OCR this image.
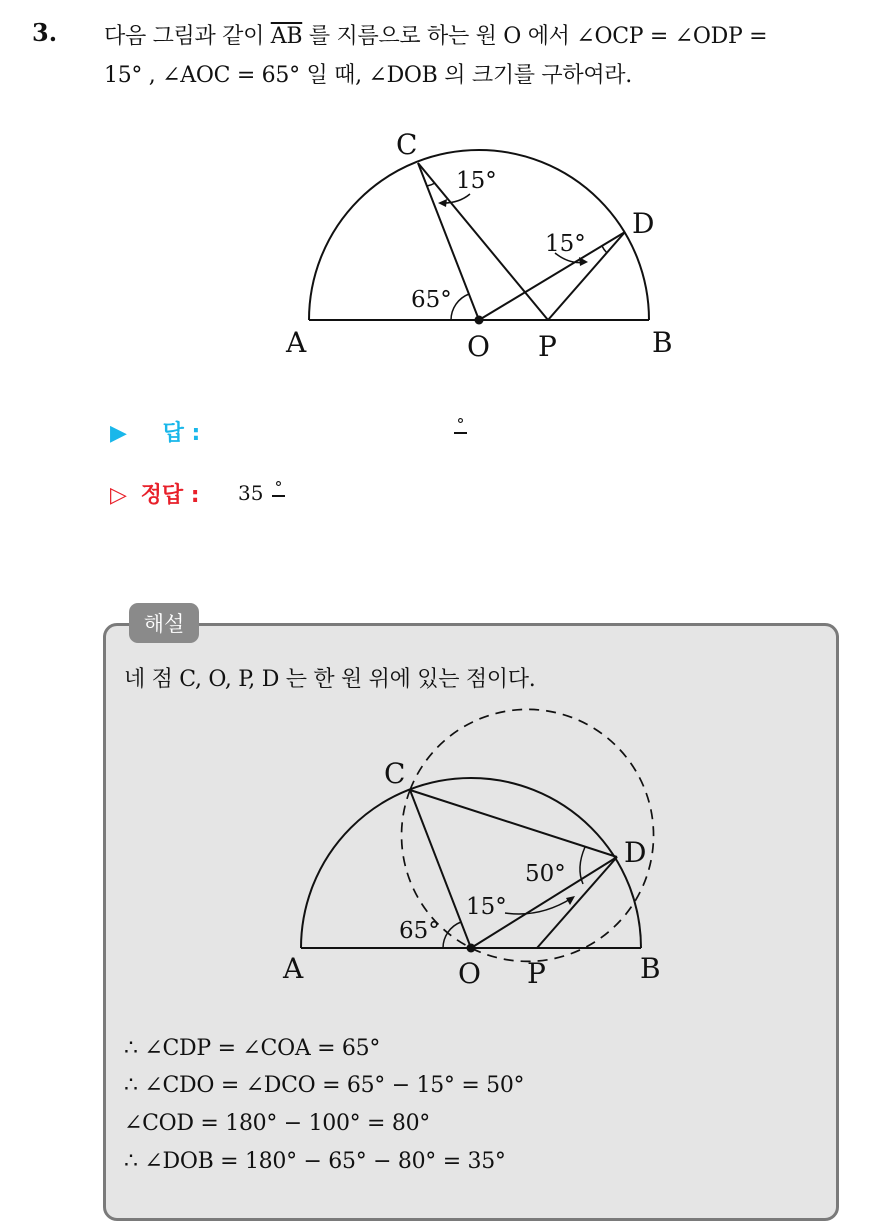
3. 다음 그림과 같이 $\overline{AB}$ 를 지름으로 하는 원 O 에서 ∠OCP = ∠ODP =
15° , ∠AOC = 65° 일 때, ∠DOB 의 크기를 구하여라.
C
D
A	O P	B
15°
15°
65°
▶ 답 :	°
▷ 정답 : 35 °
해설
네 점 C, O, P, D 는 한 원 위에 있는 점이다.
C
D
A	O P	B
65°
50°
15°
∴ ∠CDP = ∠COA = 65°
∴ ∠CDO = ∠DCO = 65° − 15° = 50°
∠COD = 180° − 100° = 80°
∴ ∠DOB = 180° − 65° − 80° = 35°
